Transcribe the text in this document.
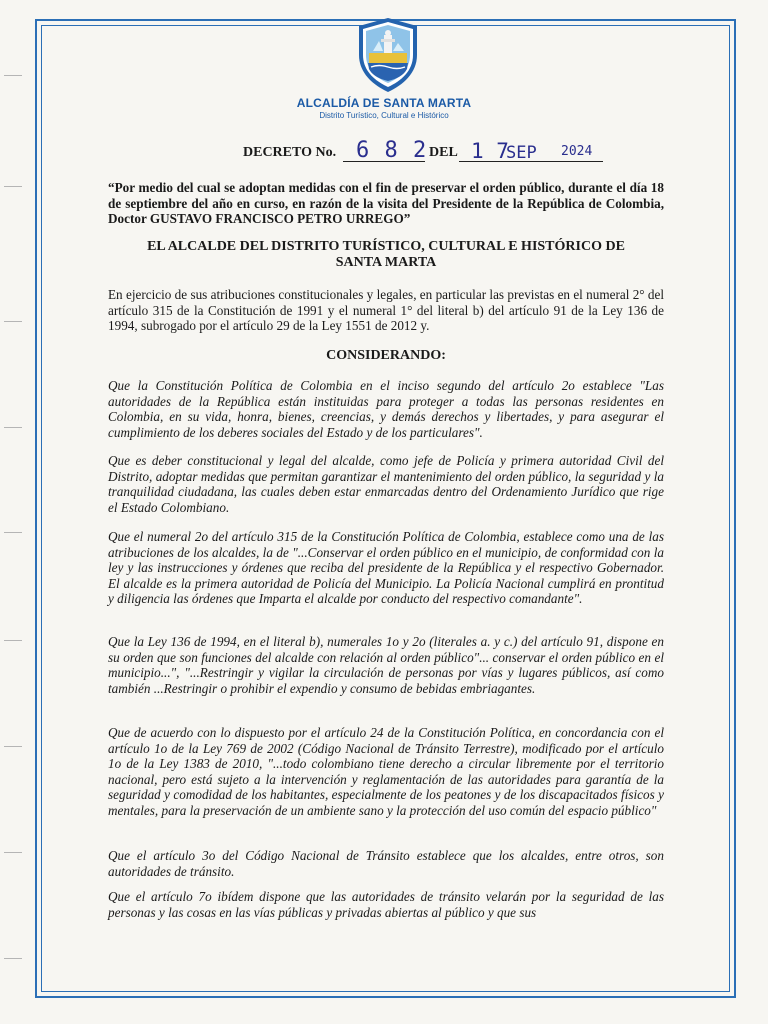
ALCALDÍA DE SANTA MARTA
Distrito Turístico, Cultural e Histórico
DECRETO No. 6 8 2 DEL 1 7
SEP 2024
“Por medio del cual se adoptan medidas con el fin de preservar el orden público, durante el día 18 de septiembre del año en curso, en razón de la visita del Presidente de la República de Colombia, Doctor GUSTAVO FRANCISCO PETRO URREGO”
EL ALCALDE DEL DISTRITO TURÍSTICO, CULTURAL E HISTÓRICO DE SANTA MARTA
En ejercicio de sus atribuciones constitucionales y legales, en particular las previstas en el numeral 2° del artículo 315 de la Constitución de 1991 y el numeral 1° del literal b) del artículo 91 de la Ley 136 de 1994, subrogado por el artículo 29 de la Ley 1551 de 2012 y.
CONSIDERANDO:
Que la Constitución Política de Colombia en el inciso segundo del artículo 2o establece "Las autoridades de la República están instituidas para proteger a todas las personas residentes en Colombia, en su vida, honra, bienes, creencias, y demás derechos y libertades, y para asegurar el cumplimiento de los deberes sociales del Estado y de los particulares".
Que es deber constitucional y legal del alcalde, como jefe de Policía y primera autoridad Civil del Distrito, adoptar medidas que permitan garantizar el mantenimiento del orden público, la seguridad y la tranquilidad ciudadana, las cuales deben estar enmarcadas dentro del Ordenamiento Jurídico que rige el Estado Colombiano.
Que el numeral 2o del artículo 315 de la Constitución Política de Colombia, establece como una de las atribuciones de los alcaldes, la de "...Conservar el orden público en el municipio, de conformidad con la ley y las instrucciones y órdenes que reciba del presidente de la República y el respectivo Gobernador. El alcalde es la primera autoridad de Policía del Municipio. La Policía Nacional cumplirá en prontitud y diligencia las órdenes que Imparta el alcalde por conducto del respectivo comandante".
Que la Ley 136 de 1994, en el literal b), numerales 1o y 2o (literales a. y c.) del artículo 91, dispone en su orden que son funciones del alcalde con relación al orden público"... conservar el orden público en el municipio...", "...Restringir y vigilar la circulación de personas por vías y lugares públicos, así como también ...Restringir o prohibir el expendio y consumo de bebidas embriagantes.
Que de acuerdo con lo dispuesto por el artículo 24 de la Constitución Política, en concordancia con el artículo 1o de la Ley 769 de 2002 (Código Nacional de Tránsito Terrestre), modificado por el artículo 1o de la Ley 1383 de 2010, "...todo colombiano tiene derecho a circular libremente por el territorio nacional, pero está sujeto a la intervención y reglamentación de las autoridades para garantía de la seguridad y comodidad de los habitantes, especialmente de los peatones y de los discapacitados físicos y mentales, para la preservación de un ambiente sano y la protección del uso común del espacio público"
Que el artículo 3o del Código Nacional de Tránsito establece que los alcaldes, entre otros, son autoridades de tránsito.
Que el artículo 7o ibídem dispone que las autoridades de tránsito velarán por la seguridad de las personas y las cosas en las vías públicas y privadas abiertas al público y que sus
